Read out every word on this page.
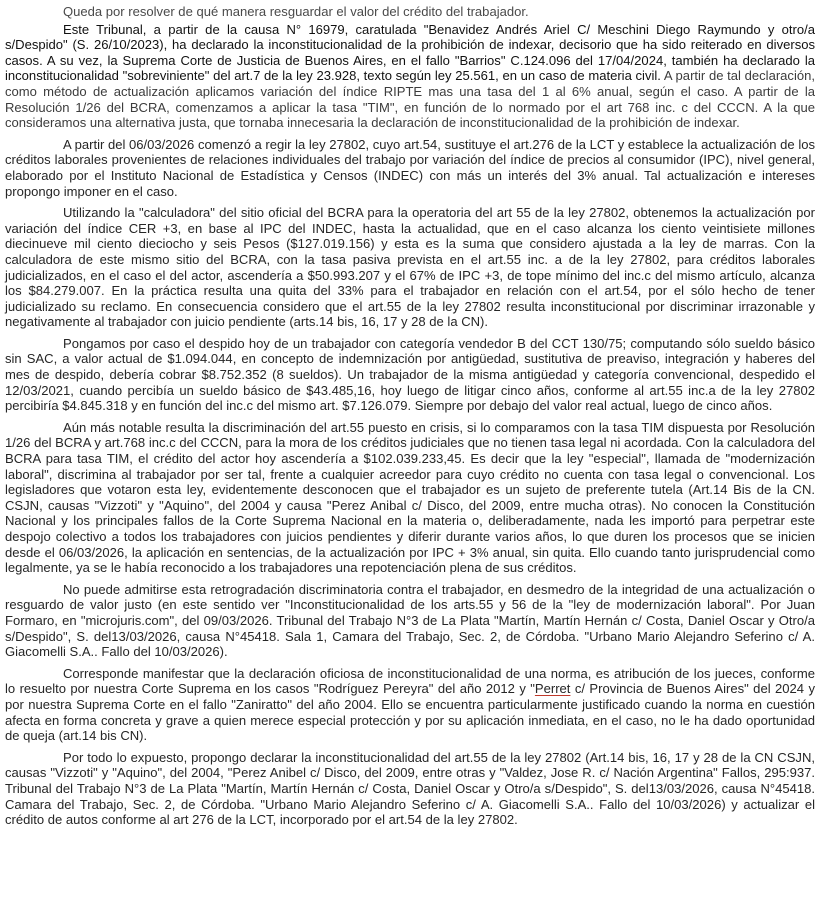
Queda por resolver de qué manera resguardar el valor del crédito del trabajador.

Este Tribunal, a partir de la causa N° 16979, caratulada "Benavidez Andrés Ariel C/ Meschini Diego Raymundo y otro/a s/Despido" (S. 26/10/2023), ha declarado la inconstitucionalidad de la prohibición de indexar, decisorio que ha sido reiterado en diversos casos. A su vez, la Suprema Corte de Justicia de Buenos Aires, en el fallo "Barrios" C.124.096 del 17/04/2024, también ha declarado la inconstitucionalidad "sobreviniente" del art.7 de la ley 23.928, texto según ley 25.561, en un caso de materia civil. A partir de tal declaración, como método de actualización aplicamos variación del índice RIPTE mas una tasa del 1 al 6% anual, según el caso. A partir de la Resolución 1/26 del BCRA, comenzamos a aplicar la tasa "TIM", en función de lo normado por el art 768 inc. c del CCCN. A la que consideramos una alternativa justa, que tornaba innecesaria la declaración de inconstitucionalidad de la prohibición de indexar.

A partir del 06/03/2026 comenzó a regir la ley 27802, cuyo art.54, sustituye el art.276 de la LCT y establece la actualización de los créditos laborales provenientes de relaciones individuales del trabajo por variación del índice de precios al consumidor (IPC), nivel general, elaborado por el Instituto Nacional de Estadística y Censos (INDEC) con más un interés del 3% anual. Tal actualización e intereses propongo imponer en el caso.

Utilizando la "calculadora" del sitio oficial del BCRA para la operatoria del art 55 de la ley 27802, obtenemos la actualización por variación del índice CER +3, en base al IPC del INDEC, hasta la actualidad, que en el caso alcanza los ciento veintisiete millones diecinueve mil ciento dieciocho y seis Pesos ($127.019.156) y esta es la suma que considero ajustada a la ley de marras. Con la calculadora de este mismo sitio del BCRA, con la tasa pasiva prevista en el art.55 inc. a de la ley 27802, para créditos laborales judicializados, en el caso el del actor, ascendería a $50.993.207 y el 67% de IPC +3, de tope mínimo del inc.c del mismo artículo, alcanza los $84.279.007. En la práctica resulta una quita del 33% para el trabajador en relación con el art.54, por el sólo hecho de tener judicializado su reclamo. En consecuencia considero que el art.55 de la ley 27802 resulta inconstitucional por discriminar irrazonable y negativamente al trabajador con juicio pendiente (arts.14 bis, 16, 17 y 28 de la CN).

Pongamos por caso el despido hoy de un trabajador con categoría vendedor B del CCT 130/75; computando sólo sueldo básico sin SAC, a valor actual de $1.094.044, en concepto de indemnización por antigüedad, sustitutiva de preaviso, integración y haberes del mes de despido, debería cobrar $8.752.352 (8 sueldos). Un trabajador de la misma antigüedad y categoría convencional, despedido el 12/03/2021, cuando percibía un sueldo básico de $43.485,16, hoy luego de litigar cinco años, conforme al art.55 inc.a de la ley 27802 percibiría $4.845.318 y en función del inc.c del mismo art. $7.126.079. Siempre por debajo del valor real actual, luego de cinco años.

Aún más notable resulta la discriminación del art.55 puesto en crisis, si lo comparamos con la tasa TIM dispuesta por Resolución 1/26 del BCRA y art.768 inc.c del CCCN, para la mora de los créditos judiciales que no tienen tasa legal ni acordada. Con la calculadora del BCRA para tasa TIM, el crédito del actor hoy ascendería a $102.039.233,45. Es decir que la ley "especial", llamada de "modernización laboral", discrimina al trabajador por ser tal, frente a cualquier acreedor para cuyo crédito no cuenta con tasa legal o convencional. Los legisladores que votaron esta ley, evidentemente desconocen que el trabajador es un sujeto de preferente tutela (Art.14 Bis de la CN. CSJN, causas "Vizzoti" y "Aquino", del 2004 y causa "Perez Anibal c/ Disco, del 2009, entre mucha otras). No conocen la Constitución Nacional y los principales fallos de la Corte Suprema Nacional en la materia o, deliberadamente, nada les importó para perpetrar este despojo colectivo a todos los trabajadores con juicios pendientes y diferir durante varios años, lo que duren los procesos que se inicien desde el 06/03/2026, la aplicación en sentencias, de la actualización por IPC + 3% anual, sin quita. Ello cuando tanto jurisprudencial como legalmente, ya se le había reconocido a los trabajadores una repotenciación plena de sus créditos.

No puede admitirse esta retrogradación discriminatoria contra el trabajador, en desmedro de la integridad de una actualización o resguardo de valor justo (en este sentido ver "Inconstitucionalidad de los arts.55 y 56 de la "ley de modernización laboral". Por Juan Formaro, en "microjuris.com", del 09/03/2026. Tribunal del Trabajo N°3 de La Plata "Martín, Martín Hernán c/ Costa, Daniel Oscar y Otro/a s/Despido", S. del13/03/2026, causa N°45418. Sala 1, Camara del Trabajo, Sec. 2, de Córdoba. "Urbano Mario Alejandro Seferino c/ A. Giacomelli S.A.. Fallo del 10/03/2026).

Corresponde manifestar que la declaración oficiosa de inconstitucionalidad de una norma, es atribución de los jueces, conforme lo resuelto por nuestra Corte Suprema en los casos "Rodríguez Pereyra" del año 2012 y "Perret c/ Provincia de Buenos Aires" del 2024 y por nuestra Suprema Corte en el fallo "Zaniratto" del año 2004. Ello se encuentra particularmente justificado cuando la norma en cuestión afecta en forma concreta y grave a quien merece especial protección y por su aplicación inmediata, en el caso, no le ha dado oportunidad de queja (art.14 bis CN).

Por todo lo expuesto, propongo declarar la inconstitucionalidad del art.55 de la ley 27802 (Art.14 bis, 16, 17 y 28 de la CN CSJN, causas "Vizzoti" y "Aquino", del 2004, "Perez Anibel c/ Disco, del 2009, entre otras y "Valdez, Jose R. c/ Nación Argentina" Fallos, 295:937. Tribunal del Trabajo N°3 de La Plata "Martín, Martín Hernán c/ Costa, Daniel Oscar y Otro/a s/Despido", S. del13/03/2026, causa N°45418. Camara del Trabajo, Sec. 2, de Córdoba. "Urbano Mario Alejandro Seferino c/ A. Giacomelli S.A.. Fallo del 10/03/2026) y actualizar el crédito de autos conforme al art 276 de la LCT, incorporado por el art.54 de la ley 27802.
